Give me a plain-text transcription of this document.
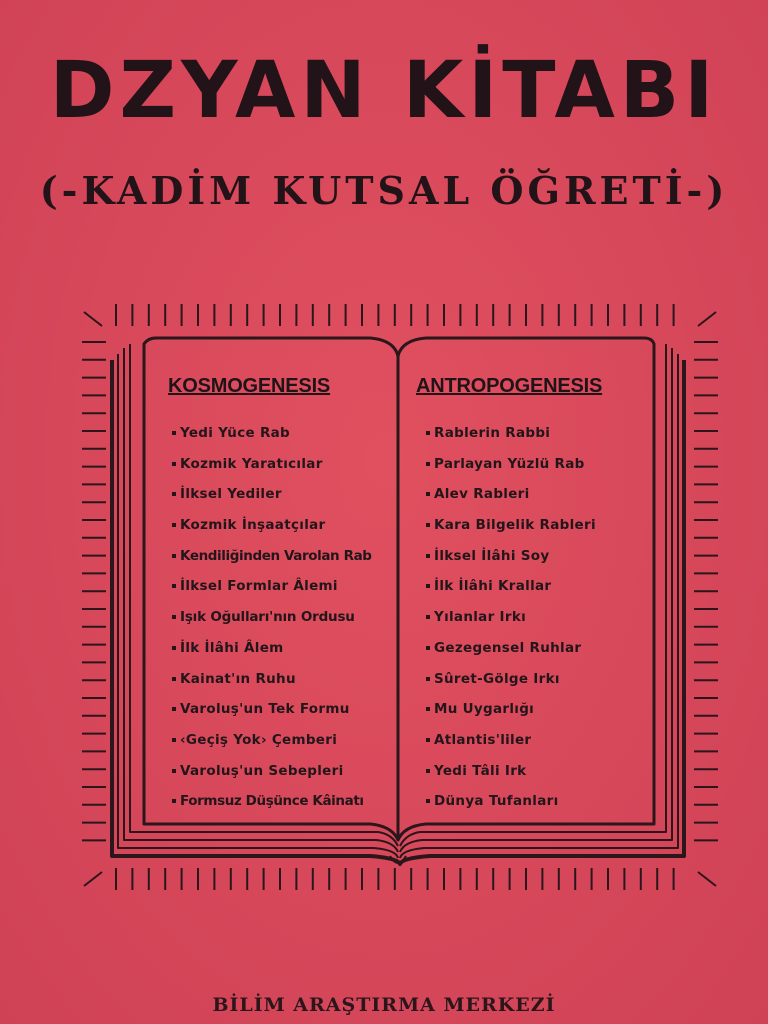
DZYAN KİTABI
(-KADİM KUTSAL ÖĞRETİ-)
KOSMOGENESIS
Yedi Yüce Rab
Kozmik Yaratıcılar
İlksel Yediler
Kozmik İnşaatçılar
Kendiliğinden Varolan Rab
İlksel Formlar Âlemi
Işık Oğulları'nın Ordusu
İlk İlâhi Âlem
Kainat'ın Ruhu
Varoluş'un Tek Formu
‹Geçiş Yok› Çemberi
Varoluş'un Sebepleri
Formsuz Düşünce Kâinatı
ANTROPOGENESIS
Rablerin Rabbi
Parlayan Yüzlü Rab
Alev Rableri
Kara Bilgelik Rableri
İlksel İlâhi Soy
İlk İlâhi Krallar
Yılanlar Irkı
Gezegensel Ruhlar
Sûret-Gölge Irkı
Mu Uygarlığı
Atlantis'liler
Yedi Tâli Irk
Dünya Tufanları
BİLİM ARAŞTIRMA MERKEZİ
